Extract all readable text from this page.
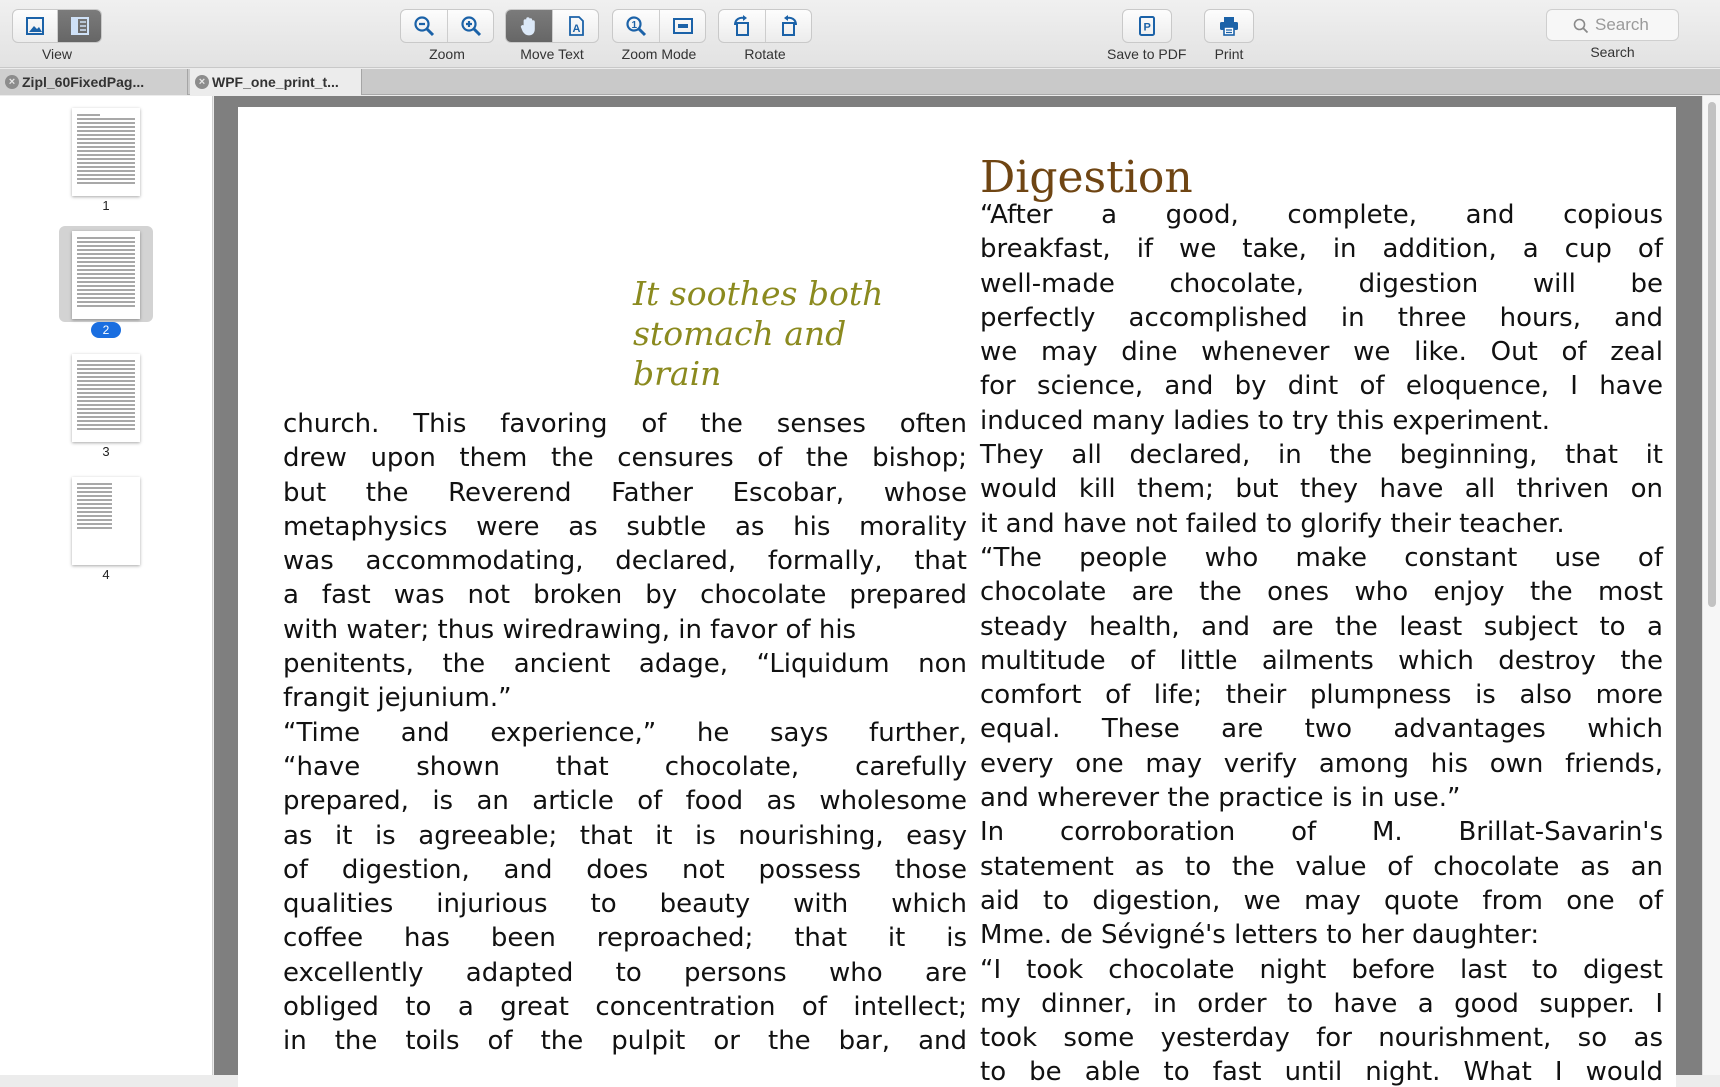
View	Zoom
A
Move Text
1
Zoom Mode	Rotate
P
Save to PDF Print
Search	Search
× Zipl_60FixedPag...	× WPF_one_print_t...
1
2
3
4
Digestion
It soothes both
stomach and
brain
church. This favoring of the senses often
drew upon them the censures of the bishop;
but the Reverend Father Escobar, whose
metaphysics were as subtle as his morality
was accommodating, declared, formally, that
a fast was not broken by chocolate prepared
with water; thus wiredrawing, in favor of his
penitents, the ancient adage, “Liquidum non
frangit jejunium.”
“Time and experience,” he says further,
“have shown that chocolate, carefully
prepared, is an article of food as wholesome
as it is agreeable; that it is nourishing, easy
of digestion, and does not possess those
qualities injurious to beauty with which
coffee has been reproached; that it is
excellently adapted to persons who are
obliged to a great concentration of intellect;
in the toils of the pulpit or the bar, and
“After a good, complete, and copious
breakfast, if we take, in addition, a cup of
well-made chocolate, digestion will be
perfectly accomplished in three hours, and
we may dine whenever we like. Out of zeal
for science, and by dint of eloquence, I have
induced many ladies to try this experiment.
They all declared, in the beginning, that it
would kill them; but they have all thriven on
it and have not failed to glorify their teacher.
“The people who make constant use of
chocolate are the ones who enjoy the most
steady health, and are the least subject to a
multitude of little ailments which destroy the
comfort of life; their plumpness is also more
equal. These are two advantages which
every one may verify among his own friends,
and wherever the practice is in use.”
In corroboration of M. Brillat-Savarin's
statement as to the value of chocolate as an
aid to digestion, we may quote from one of
Mme. de Sévigné's letters to her daughter:
“I took chocolate night before last to digest
my dinner, in order to have a good supper. I
took some yesterday for nourishment, so as
to be able to fast until night. What I would
